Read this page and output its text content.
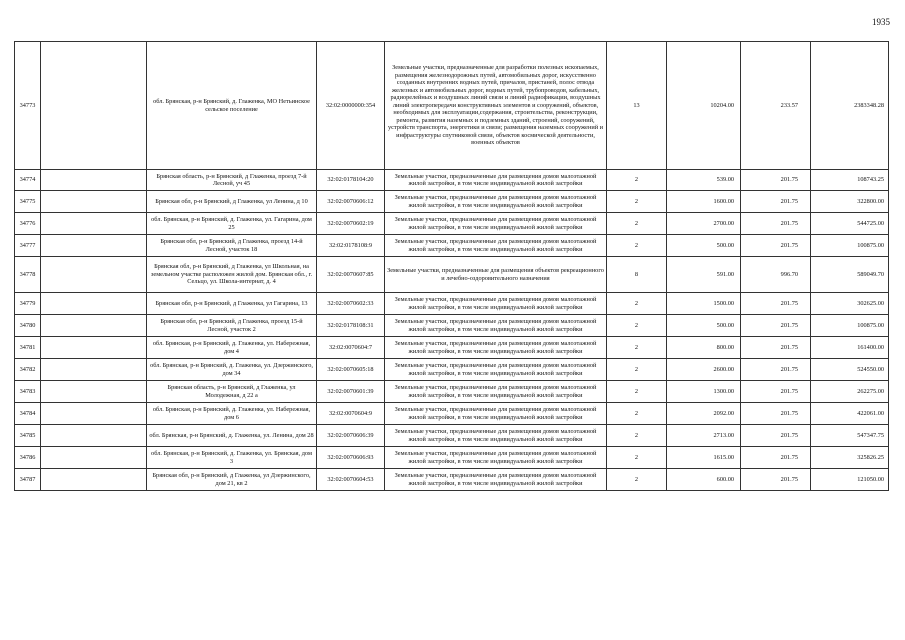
1935
34773		обл. Брянская, р-н Брянский, д. Глаженка, МО Нетьинское сельское поселение	32:02:0000000:354	Земельные участки, предназначенные для разработки полезных ископаемых, размещения железнодорожных путей, автомобильных дорог, искусственно созданных внутренних водных путей, причалов, пристаней, полос отвода железных и автомобильных дорог, водных путей, трубопроводов, кабельных, радиорелейных и воздушных линий связи и линий радиофикации, воздушных линий электропередачи конструктивных элементов и сооружений, объектов, необходимых для эксплуатации,содержания, строительства, реконструкции, ремонта, развития наземных и подземных зданий, строений, сооружений, устройств транспорта, энергетики и связи; размещения наземных сооружений и инфраструктуры спутниковой связи, объектов космической деятельности, военных объектов	13	10204.00	233.57	2383348.28
34774		Брянская область, р-н Брянский, д Глаженка, проезд 7-й Лесной, уч 45	32:02:0178104:20	Земельные участки, предназначенные для размещения домов малоэтажной жилой застройки, в том числе индивидуальной жилой застройки	2	539.00	201.75	108743.25
34775		Брянская обл, р-н Брянский, д Глаженка, ул Ленина, д 10	32:02:0070606:12	Земельные участки, предназначенные для размещения домов малоэтажной жилой застройки, в том числе индивидуальной жилой застройки	2	1600.00	201.75	322800.00
34776		обл. Брянская, р-н Брянский, д. Глаженка, ул. Гагарина, дом 25	32:02:0070602:19	Земельные участки, предназначенные для размещения домов малоэтажной жилой застройки, в том числе индивидуальной жилой застройки	2	2700.00	201.75	544725.00
34777		Брянская обл, р-н Брянский, д Глаженка, проезд 14-й Лесной, участок 18	32:02:0178108:9	Земельные участки, предназначенные для размещения домов малоэтажной жилой застройки, в том числе индивидуальной жилой застройки	2	500.00	201.75	100875.00
34778		Брянская обл, р-н Брянский, д Глаженка, ул Школьная, на земельном участке расположен жилой дом. Брянская обл., г. Сельцо, ул. Школа-интернат, д. 4	32:02:0070607:85	Земельные участки, предназначенные для размещения объектов рекреационного и лечебно-оздоровительного назначения	8	591.00	996.70	589049.70
34779		Брянская обл, р-н Брянский, д Глаженка, ул Гагарина, 13	32:02:0070602:33	Земельные участки, предназначенные для размещения домов малоэтажной жилой застройки, в том числе индивидуальной жилой застройки	2	1500.00	201.75	302625.00
34780		Брянская обл, р-н Брянский, д Глаженка, проезд 15-й Лесной, участок 2	32:02:0178108:31	Земельные участки, предназначенные для размещения домов малоэтажной жилой застройки, в том числе индивидуальной жилой застройки	2	500.00	201.75	100875.00
34781		обл. Брянская, р-н Брянский, д. Глаженка, ул. Набережная, дом 4	32:02:0070604:7	Земельные участки, предназначенные для размещения домов малоэтажной жилой застройки, в том числе индивидуальной жилой застройки	2	800.00	201.75	161400.00
34782		обл. Брянская, р-н Брянский, д. Глаженка, ул. Дзержинского, дом 34	32:02:0070605:18	Земельные участки, предназначенные для размещения домов малоэтажной жилой застройки, в том числе индивидуальной жилой застройки	2	2600.00	201.75	524550.00
34783		Брянская область, р-н Брянский, д Глаженка, ул Молодежная, д 22 а	32:02:0070601:39	Земельные участки, предназначенные для размещения домов малоэтажной жилой застройки, в том числе индивидуальной жилой застройки	2	1300.00	201.75	262275.00
34784		обл. Брянская, р-н Брянский, д. Глаженка, ул. Набережная, дом 6	32:02:0070604:9	Земельные участки, предназначенные для размещения домов малоэтажной жилой застройки, в том числе индивидуальной жилой застройки	2	2092.00	201.75	422061.00
34785		обл. Брянская, р-н Брянский, д. Глаженка, ул. Ленина, дом 28	32:02:0070606:39	Земельные участки, предназначенные для размещения домов малоэтажной жилой застройки, в том числе индивидуальной жилой застройки	2	2713.00	201.75	547347.75
34786		обл. Брянская, р-н Брянский, д. Глаженка, ул. Брянская, дом 3	32:02:0070606:93	Земельные участки, предназначенные для размещения домов малоэтажной жилой застройки, в том числе индивидуальной жилой застройки	2	1615.00	201.75	325826.25
34787		Брянская обл, р-н Брянский, д Глаженка, ул Дзержинского, дом 21, кв 2	32:02:0070604:53	Земельные участки, предназначенные для размещения домов малоэтажной жилой застройки, в том числе индивидуальной жилой застройки	2	600.00	201.75	121050.00
